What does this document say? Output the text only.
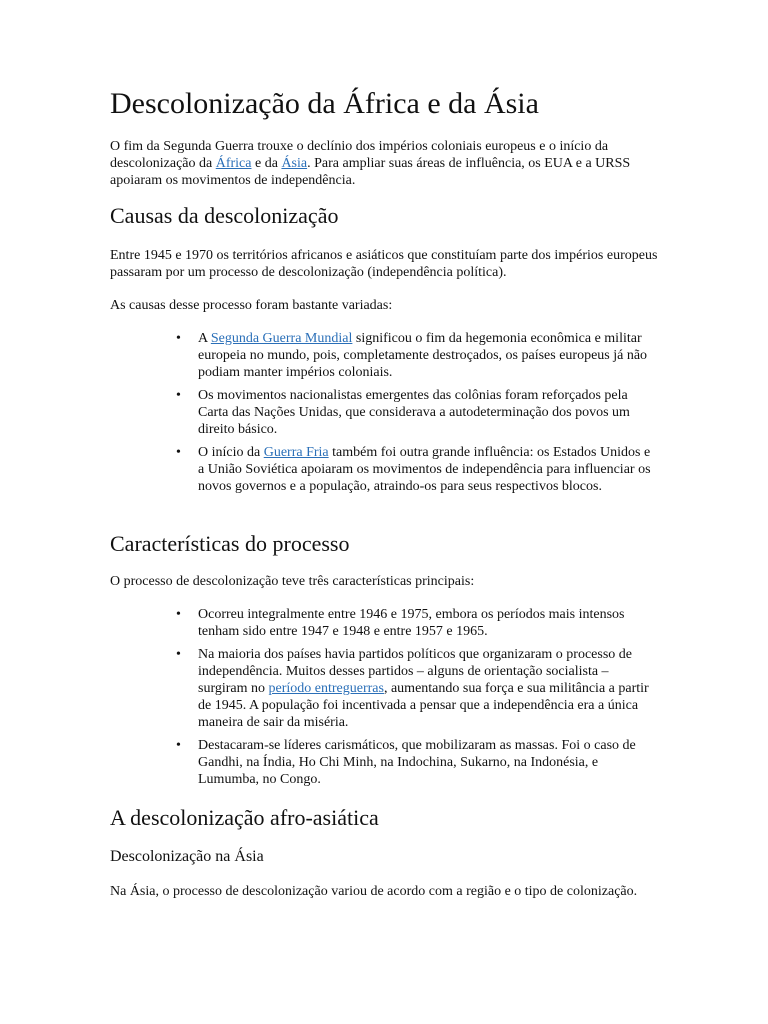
Descolonização da África e da Ásia

O fim da Segunda Guerra trouxe o declínio dos impérios coloniais europeus e o início da descolonização da África e da Ásia. Para ampliar suas áreas de influência, os EUA e a URSS apoiaram os movimentos de independência.

Causas da descolonização

Entre 1945 e 1970 os territórios africanos e asiáticos que constituíam parte dos impérios europeus passaram por um processo de descolonização (independência política).

As causas desse processo foram bastante variadas:

• A Segunda Guerra Mundial significou o fim da hegemonia econômica e militar europeia no mundo, pois, completamente destroçados, os países europeus já não podiam manter impérios coloniais.
• Os movimentos nacionalistas emergentes das colônias foram reforçados pela Carta das Nações Unidas, que considerava a autodeterminação dos povos um direito básico.
• O início da Guerra Fria também foi outra grande influência: os Estados Unidos e a União Soviética apoiaram os movimentos de independência para influenciar os novos governos e a população, atraindo-os para seus respectivos blocos.
Características do processo

O processo de descolonização teve três características principais:

• Ocorreu integralmente entre 1946 e 1975, embora os períodos mais intensos tenham sido entre 1947 e 1948 e entre 1957 e 1965.
• Na maioria dos países havia partidos políticos que organizaram o processo de independência. Muitos desses partidos – alguns de orientação socialista – surgiram no período entreguerras, aumentando sua força e sua militância a partir de 1945. A população foi incentivada a pensar que a independência era a única maneira de sair da miséria.
• Destacaram-se líderes carismáticos, que mobilizaram as massas. Foi o caso de Gandhi, na Índia, Ho Chi Minh, na Indochina, Sukarno, na Indonésia, e Lumumba, no Congo.
A descolonização afro-asiática
Descolonização na Ásia

Na Ásia, o processo de descolonização variou de acordo com a região e o tipo de colonização.
